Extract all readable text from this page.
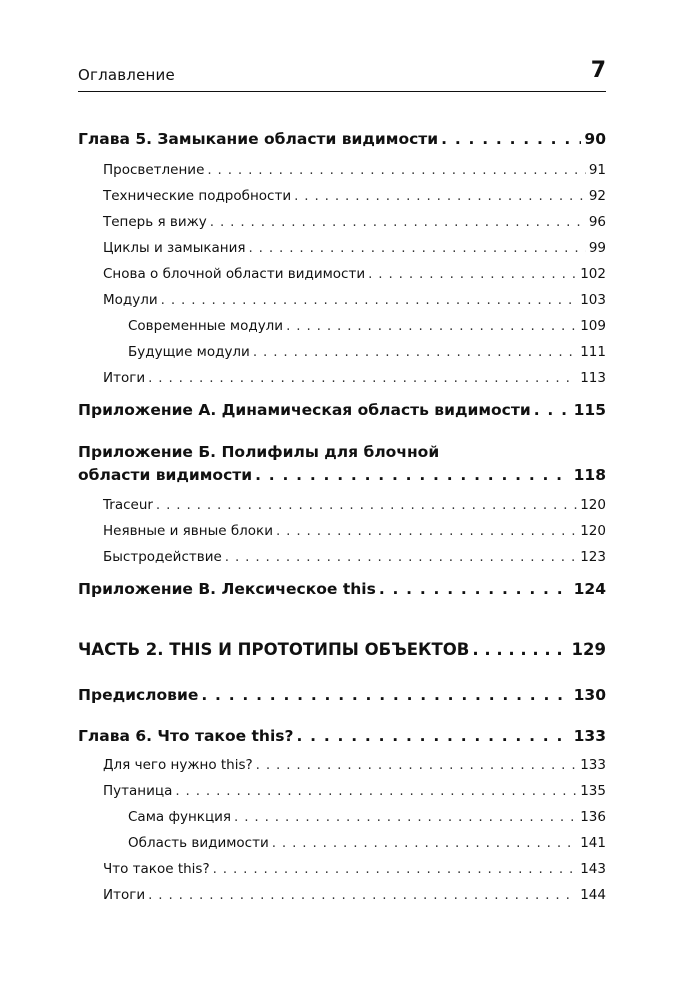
Оглавление	7
Глава 5. Замыкание области видимости . . .	90
Просветление . . .	91
Технические подробности . . .	92
Теперь я вижу . . .	96
Циклы и замыкания . . .	99
Снова о блочной области видимости . . .	102
Модули . . .	103
Современные модули . . .	109
Будущие модули . . .	111
Итоги . . .	113
Приложение А. Динамическая область видимости . . .	115
Приложение Б. Полифилы для блочной
области видимости . . .	118
Traceur . . .	120
Неявные и явные блоки . . .	120
Быстродействие . . .	123
Приложение В. Лексическое this . . .	124
ЧАСТЬ 2. THIS И ПРОТОТИПЫ ОБЪЕКТОВ . . .	129
Предисловие . . .	130
Глава 6. Что такое this? . . .	133
Для чего нужно this? . . .	133
Путаница . . .	135
Сама функция . . .	136
Область видимости . . .	141
Что такое this? . . .	143
Итоги . . .	144
